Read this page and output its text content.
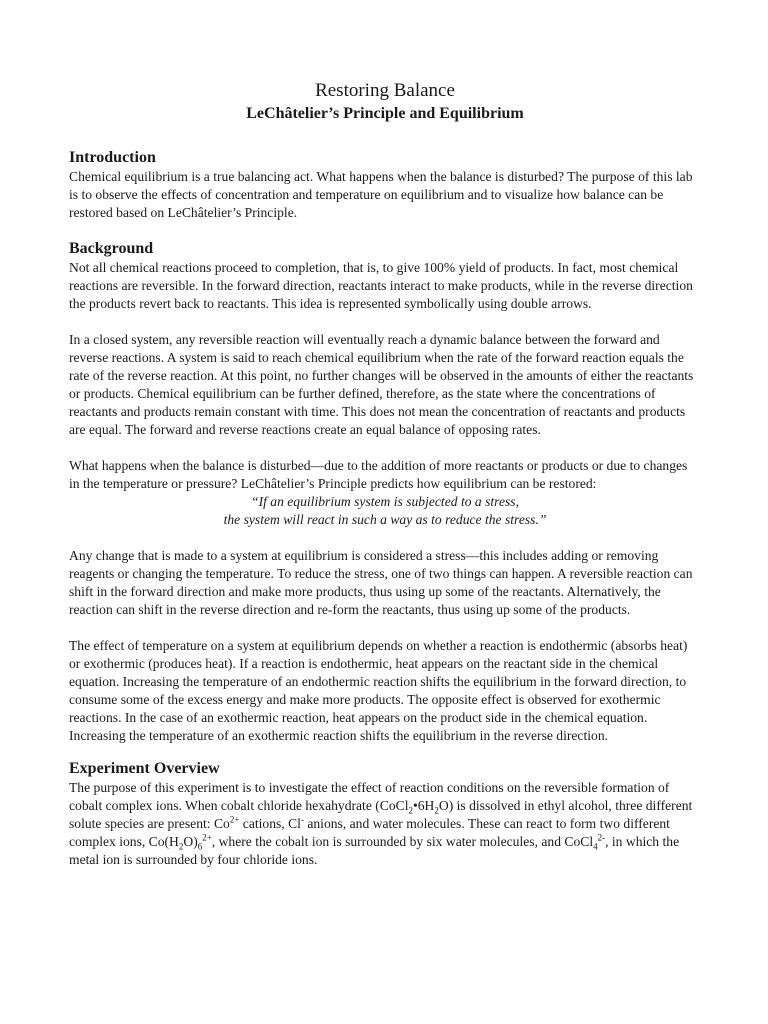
Restoring Balance
LeChâtelier’s Principle and Equilibrium
Introduction

Chemical equilibrium is a true balancing act. What happens when the balance is disturbed? The purpose of this lab is to observe the effects of concentration and temperature on equilibrium and to visualize how balance can be restored based on LeChâtelier’s Principle.

Background

Not all chemical reactions proceed to completion, that is, to give 100% yield of products. In fact, most chemical reactions are reversible. In the forward direction, reactants interact to make products, while in the reverse direction the products revert back to reactants. This idea is represented symbolically using double arrows.

In a closed system, any reversible reaction will eventually reach a dynamic balance between the forward and reverse reactions. A system is said to reach chemical equilibrium when the rate of the forward reaction equals the rate of the reverse reaction. At this point, no further changes will be observed in the amounts of either the reactants or products. Chemical equilibrium can be further defined, therefore, as the state where the concentrations of reactants and products remain constant with time. This does not mean the concentration of reactants and products are equal. The forward and reverse reactions create an equal balance of opposing rates.

What happens when the balance is disturbed—due to the addition of more reactants or products or due to changes in the temperature or pressure? LeChâtelier’s Principle predicts how equilibrium can be restored:

“If an equilibrium system is subjected to a stress,
the system will react in such a way as to reduce the stress.”

Any change that is made to a system at equilibrium is considered a stress—this includes adding or removing reagents or changing the temperature. To reduce the stress, one of two things can happen. A reversible reaction can shift in the forward direction and make more products, thus using up some of the reactants. Alternatively, the reaction can shift in the reverse direction and re-form the reactants, thus using up some of the products.

The effect of temperature on a system at equilibrium depends on whether a reaction is endothermic (absorbs heat) or exothermic (produces heat). If a reaction is endothermic, heat appears on the reactant side in the chemical equation. Increasing the temperature of an endothermic reaction shifts the equilibrium in the forward direction, to consume some of the excess energy and make more products. The opposite effect is observed for exothermic reactions. In the case of an exothermic reaction, heat appears on the product side in the chemical equation. Increasing the temperature of an exothermic reaction shifts the equilibrium in the reverse direction.

Experiment Overview

The purpose of this experiment is to investigate the effect of reaction conditions on the reversible formation of cobalt complex ions. When cobalt chloride hexahydrate $(CoCl_2•6H_2O)$ is dissolved in ethyl alcohol, three different solute species are present: $Co^{2+}$ cations, Cl- anions, and water molecules. These can react to form two different complex ions, $Co(H_2O)_6^{2+}$, where the cobalt ion is surrounded by six water molecules, and CoCl$_4^{2-}$, in which the metal ion is surrounded by four chloride ions.
